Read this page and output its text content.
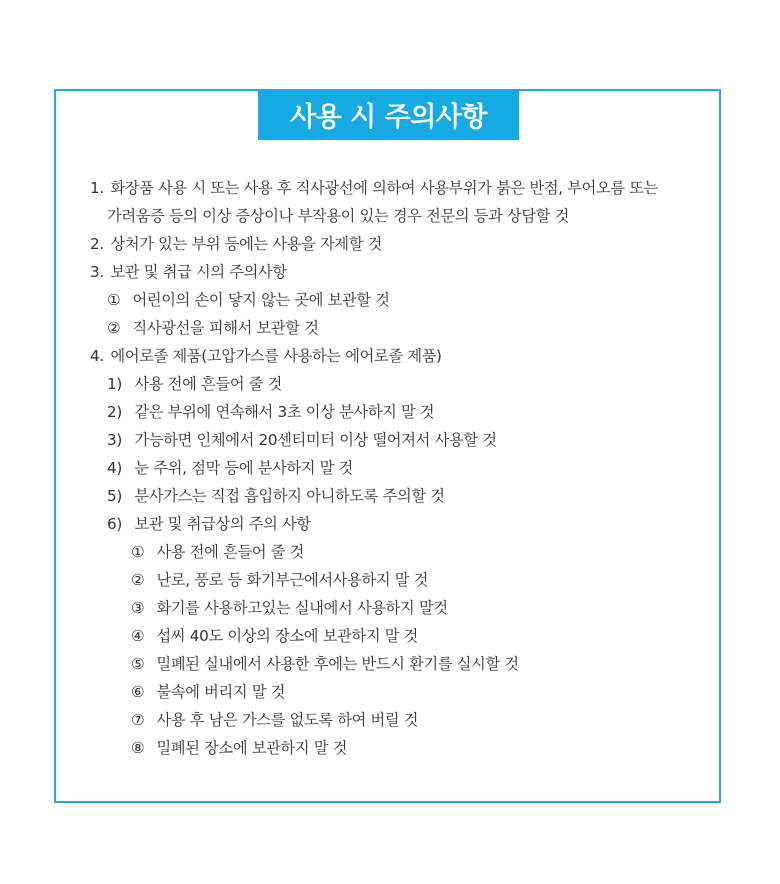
사용 시 주의사항
1. 화장품 사용 시 또는 사용 후 직사광선에 의하여 사용부위가 붉은 반점, 부어오름 또는
가려움증 등의 이상 증상이나 부작용이 있는 경우 전문의 등과 상담할 것
2. 상처가 있는 부위 등에는 사용을 자제할 것
3. 보관 및 취급 시의 주의사항
① 어린이의 손이 닿지 않는 곳에 보관할 것
② 직사광선을 피해서 보관할 것
4. 에어로졸 제품(고압가스를 사용하는 에어로졸 제품)
1) 사용 전에 흔들어 줄 것
2) 같은 부위에 연속해서 3초 이상 분사하지 말 것
3) 가능하면 인체에서 20센티미터 이상 떨어져서 사용할 것
4) 눈 주위, 점막 등에 분사하지 말 것
5) 분사가스는 직접 흡입하지 아니하도록 주의할 것
6) 보관 및 취급상의 주의 사항
① 사용 전에 흔들어 줄 것
② 난로, 풍로 등 화기부근에서사용하지 말 것
③ 화기를 사용하고있는 실내에서 사용하지 말것
④ 섭씨 40도 이상의 장소에 보관하지 말 것
⑤ 밀폐된 실내에서 사용한 후에는 반드시 환기를 실시할 것
⑥ 불속에 버리지 말 것
⑦ 사용 후 남은 가스를 없도록 하여 버릴 것
⑧ 밀폐된 장소에 보관하지 말 것
